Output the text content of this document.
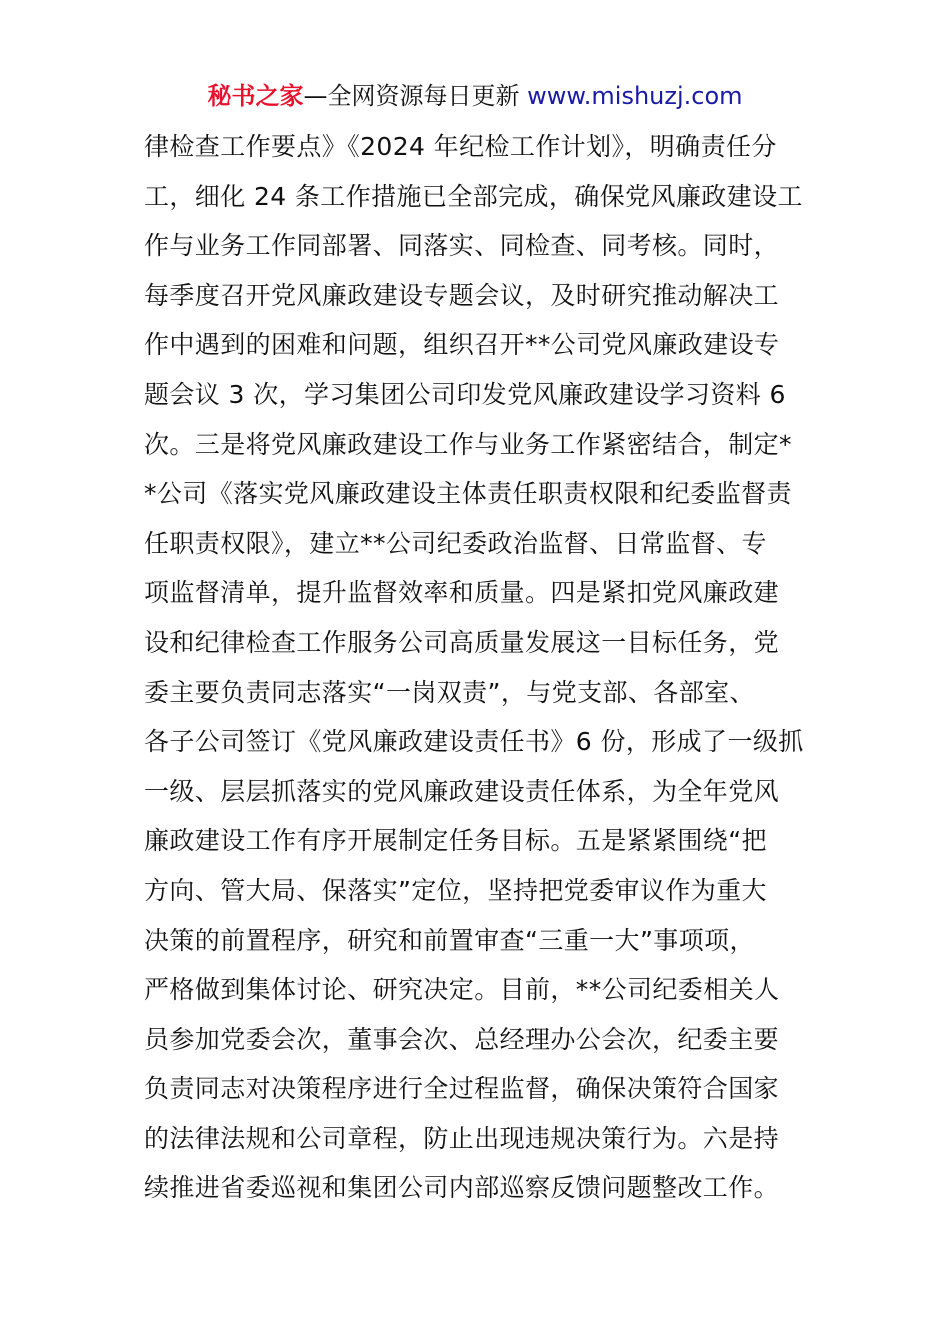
秘书之家—全网资源每日更新 www.mishuzj.com
律检查工作要点》《2024 年纪检工作计划》，明确责任分
工，细化 24 条工作措施已全部完成，确保党风廉政建设工
作与业务工作同部署、同落实、同检查、同考核。同时，
每季度召开党风廉政建设专题会议，及时研究推动解决工
作中遇到的困难和问题，组织召开**公司党风廉政建设专
题会议 3 次，学习集团公司印发党风廉政建设学习资料 6
次。三是将党风廉政建设工作与业务工作紧密结合，制定*
*公司《落实党风廉政建设主体责任职责权限和纪委监督责
任职责权限》，建立**公司纪委政治监督、日常监督、专
项监督清单，提升监督效率和质量。四是紧扣党风廉政建
设和纪律检查工作服务公司高质量发展这一目标任务，党
委主要负责同志落实“一岗双责”，与党支部、各部室、
各子公司签订《党风廉政建设责任书》6 份，形成了一级抓
一级、层层抓落实的党风廉政建设责任体系，为全年党风
廉政建设工作有序开展制定任务目标。五是紧紧围绕“把
方向、管大局、保落实”定位，坚持把党委审议作为重大
决策的前置程序，研究和前置审查“三重一大”事项项，
严格做到集体讨论、研究决定。目前，**公司纪委相关人
员参加党委会次，董事会次、总经理办公会次，纪委主要
负责同志对决策程序进行全过程监督，确保决策符合国家
的法律法规和公司章程，防止出现违规决策行为。六是持
续推进省委巡视和集团公司内部巡察反馈问题整改工作。
